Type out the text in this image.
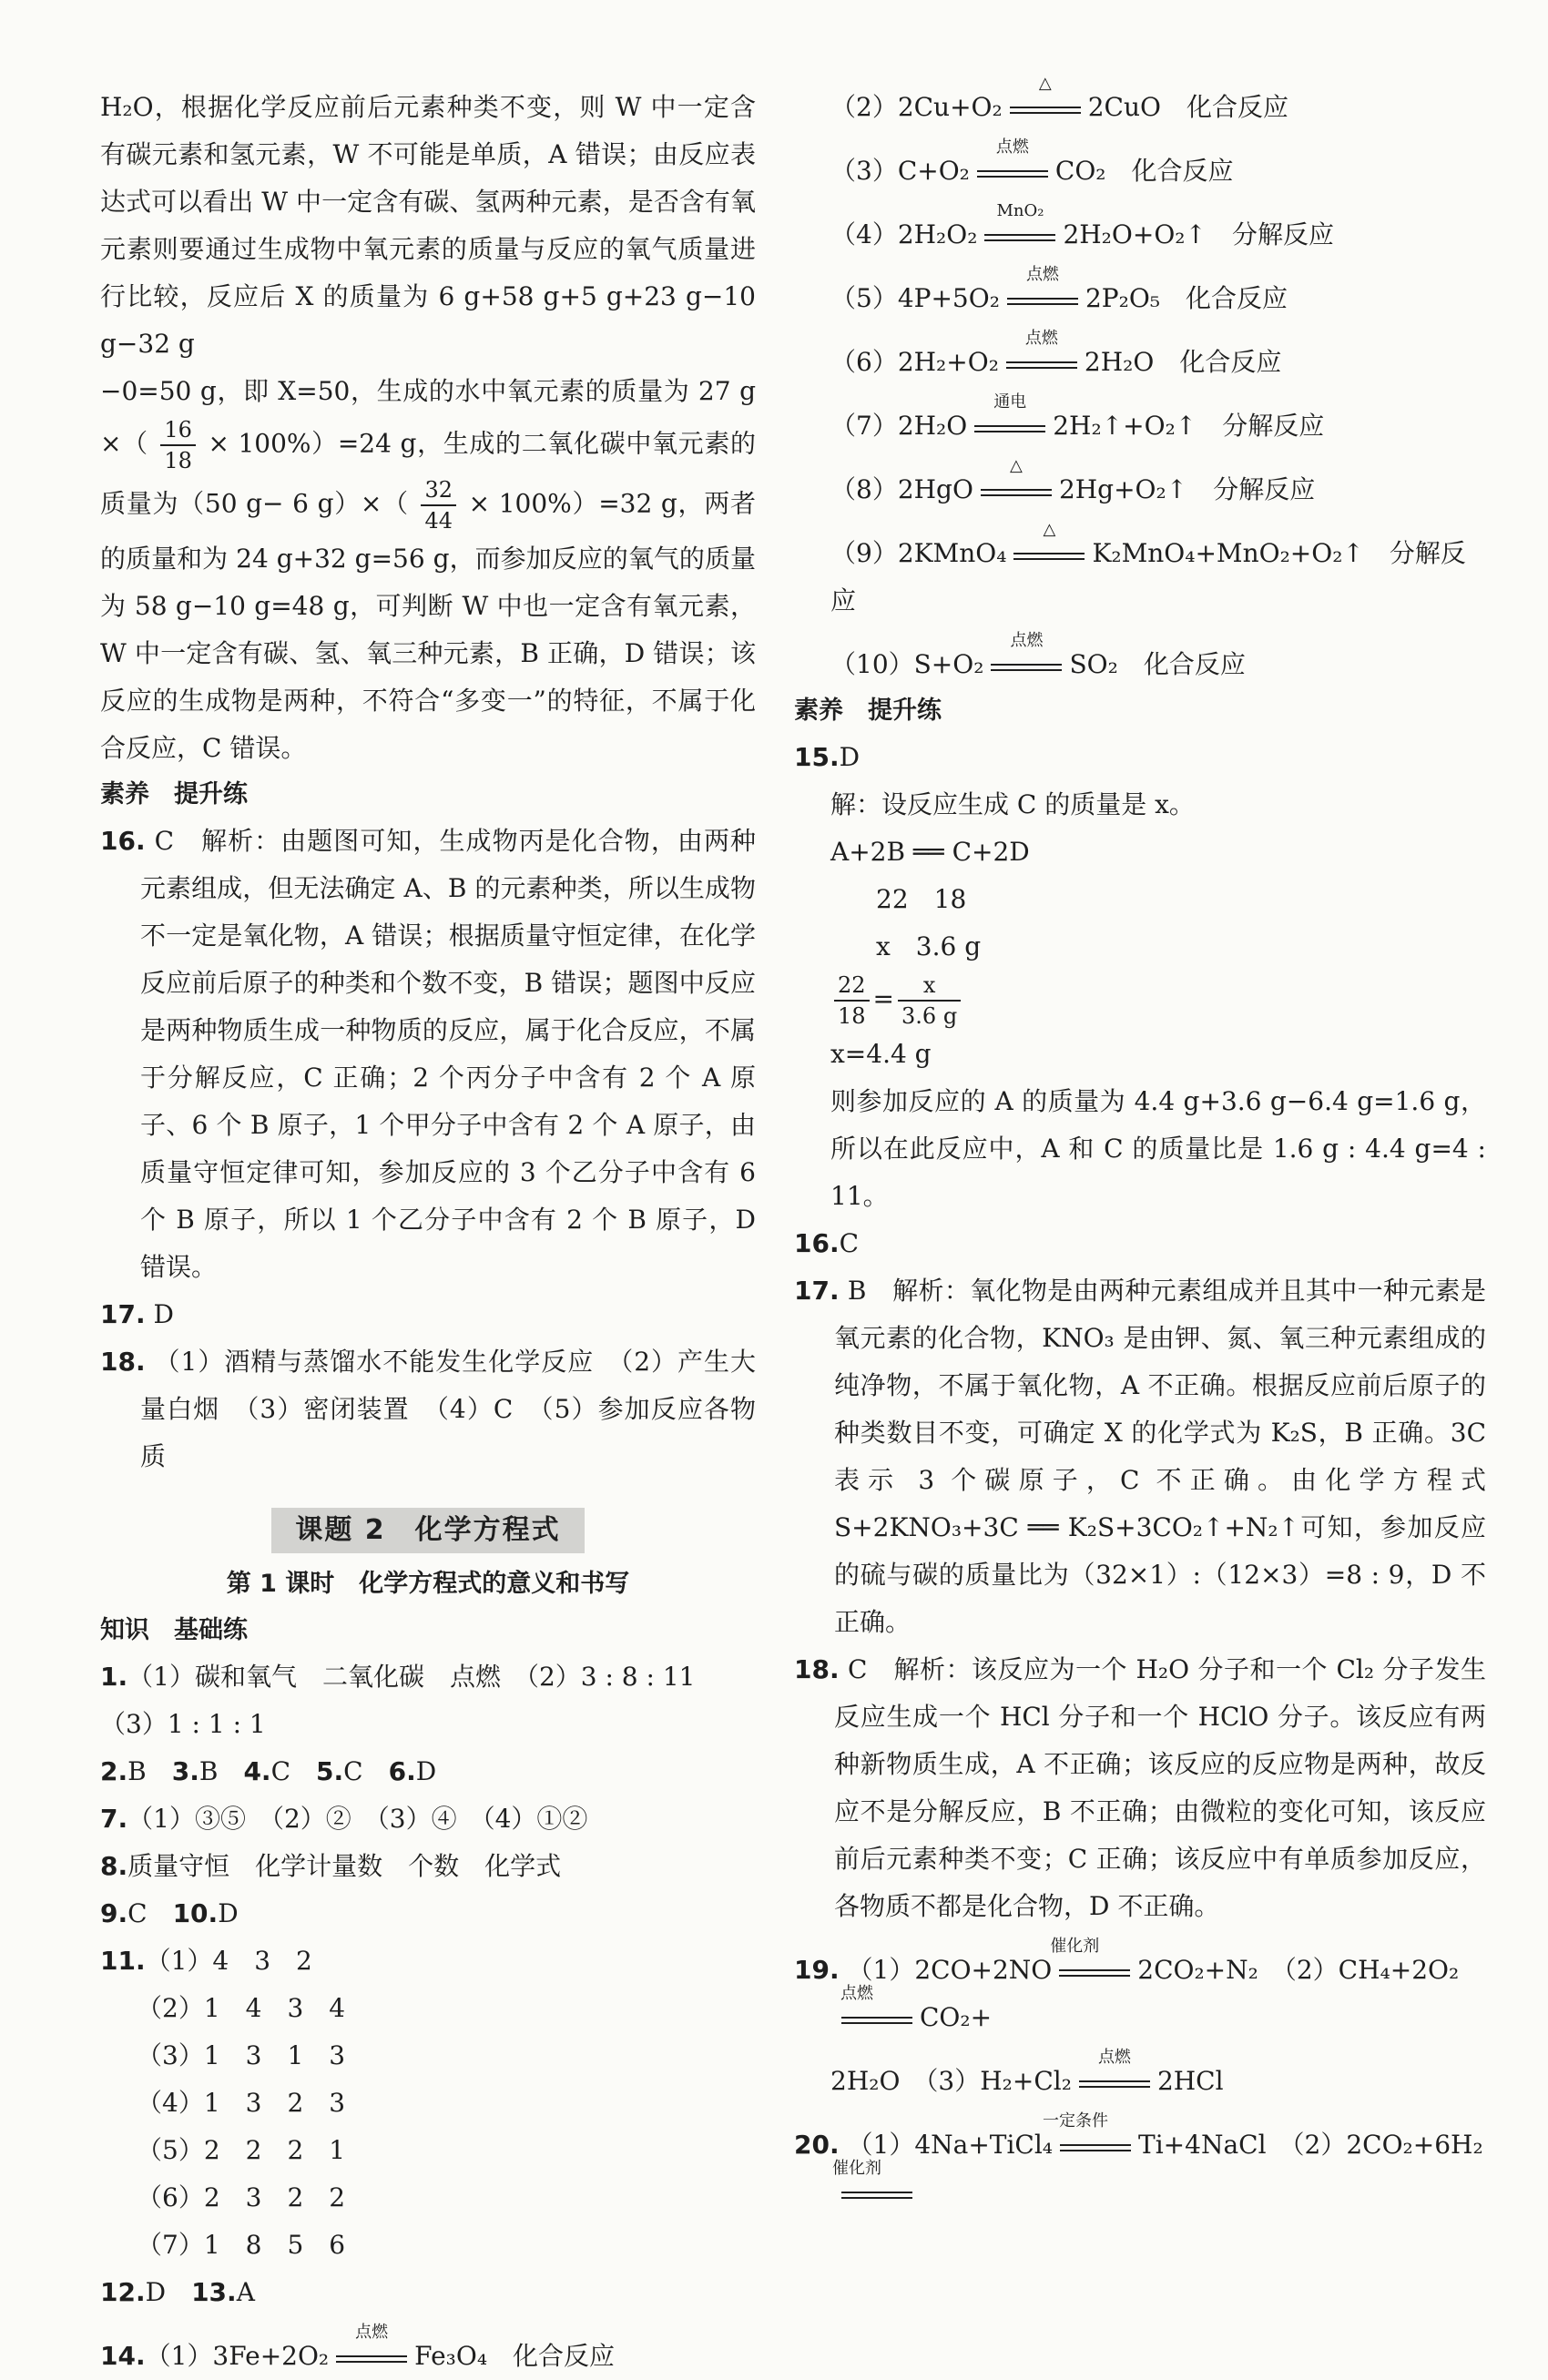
H₂O，根据化学反应前后元素种类不变，则 W 中一定含有碳元素和氢元素，W 不可能是单质，A 错误；由反应表达式可以看出 W 中一定含有碳、氢两种元素，是否含有氧元素则要通过生成物中氧元素的质量与反应的氧气质量进行比较，反应后 X 的质量为 6 g+58 g+5 g+23 g−10 g−32 g

−0=50 g，即 X=50，生成的水中氧元素的质量为 27 g ×（ $\frac{16}{18} \times 100\%)=24$ g，生成的二氧化碳中氧元素的质量为（50 g− 6 $g)\times( \frac{32}{44} \times 100\%)=32$ g，两者的质量和为 24 g+32 g=56 g，而参加反应的氧气的质量为 58 g−10 g=48 g，可判断 W 中也一定含有氧元素，W 中一定含有碳、氢、氧三种元素，B 正确，D 错误；该反应的生成物是两种，不符合“多变一”的特征，不属于化合反应，C 错误。

素养　提升练

16. C　解析：由题图可知，生成物丙是化合物，由两种元素组成，但无法确定 A、B 的元素种类，所以生成物不一定是氧化物，A 错误；根据质量守恒定律，在化学反应前后原子的种类和个数不变，B 错误；题图中反应是两种物质生成一种物质的反应，属于化合反应，不属于分解反应，C 正确；2 个丙分子中含有 2 个 A 原子、6 个 B 原子，1 个甲分子中含有 2 个 A 原子，由质量守恒定律可知，参加反应的 3 个乙分子中含有 6 个 B 原子，所以 1 个乙分子中含有 2 个 B 原子，D 错误。

17. D

18. （1）酒精与蒸馏水不能发生化学反应　（2）产生大量白烟　（3）密闭装置　（4）C　（5）参加反应各物质

课题 2　化学方程式

第 1 课时　化学方程式的意义和书写

知识　基础练

1.（1）碳和氧气　二氧化碳　点燃　（2）3 : 8 : 11　（3）1 : 1 : 1

2.B　 3.B　 4.C　 5.C　 6.D

7.（1）③⑤　（2）②　（3）④　（4）①②

8.质量守恒　化学计量数　个数　化学式

9.C　 10.D

11.（1）4　3　2

（2）1　4　3　4

（3）1　3　1　3

（4）1　3　2　3

（5）2　2　2　1

（6）2　3　2　2

（7）1　8　5　6

12.D　 13.A

14.（1）3Fe+2O₂
点燃
Fe₃O₄　化合反应

（2）2Cu+O₂
△
2CuO　化合反应

（3）C+O₂
点燃
CO₂　化合反应

（4）2H₂O₂
MnO₂
2H₂O+O₂↑　分解反应

（5）4P+5O₂
点燃
2P₂O₅　化合反应

（6）2H₂+O₂
点燃
2H₂O　化合反应

（7）2H₂O
通电
2H₂↑+O₂↑　分解反应

（8）2HgO
△
2Hg+O₂↑　分解反应

（9）2KMnO₄
△
K₂MnO₄+MnO₂+O₂↑　分解反应

（10）S+O₂
点燃
SO₂　化合反应

素养　提升练

15.D

解：设反应生成 C 的质量是 x。

A+2B ══ C+2D

22　18

x　3.6 g

$\frac{22}{18} = \frac{x}{3.6 g}$

x=4.4 g

则参加反应的 A 的质量为 4.4 g+3.6 g−6.4 g=1.6 g，所以在此反应中，A 和 C 的质量比是 1.6 g : 4.4 g=4 : 11。

16.C

17. B　解析：氧化物是由两种元素组成并且其中一种元素是氧元素的化合物，KNO₃ 是由钾、氮、氧三种元素组成的纯净物，不属于氧化物，A 不正确。根据反应前后原子的种类数目不变，可确定 X 的化学式为 K₂S，B 正确。3C 表示 3 个碳原子，C 不正确。由化学方程式 S+2KNO₃+3C ══ K₂S+3CO₂↑+N₂↑可知，参加反应的硫与碳的质量比为（32×1）:（12×3）=8 : 9，D 不正确。

18. C　解析：该反应为一个 H₂O 分子和一个 Cl₂ 分子发生反应生成一个 HCl 分子和一个 HClO 分子。该反应有两种新物质生成，A 不正确；该反应的反应物是两种，故反应不是分解反应，B 不正确；由微粒的变化可知，该反应前后元素种类不变；C 正确；该反应中有单质参加反应，各物质不都是化合物，D 不正确。

19. （1）2CO+2NO
催化剂
2CO₂+N₂　（2）CH₄+2O₂
点燃
CO₂+

2H₂O　（3）H₂+Cl₂
点燃
2HCl

20. （1）4Na+TiCl₄
一定条件
Ti+4NaCl　（2）2CO₂+6H₂
催化剂
